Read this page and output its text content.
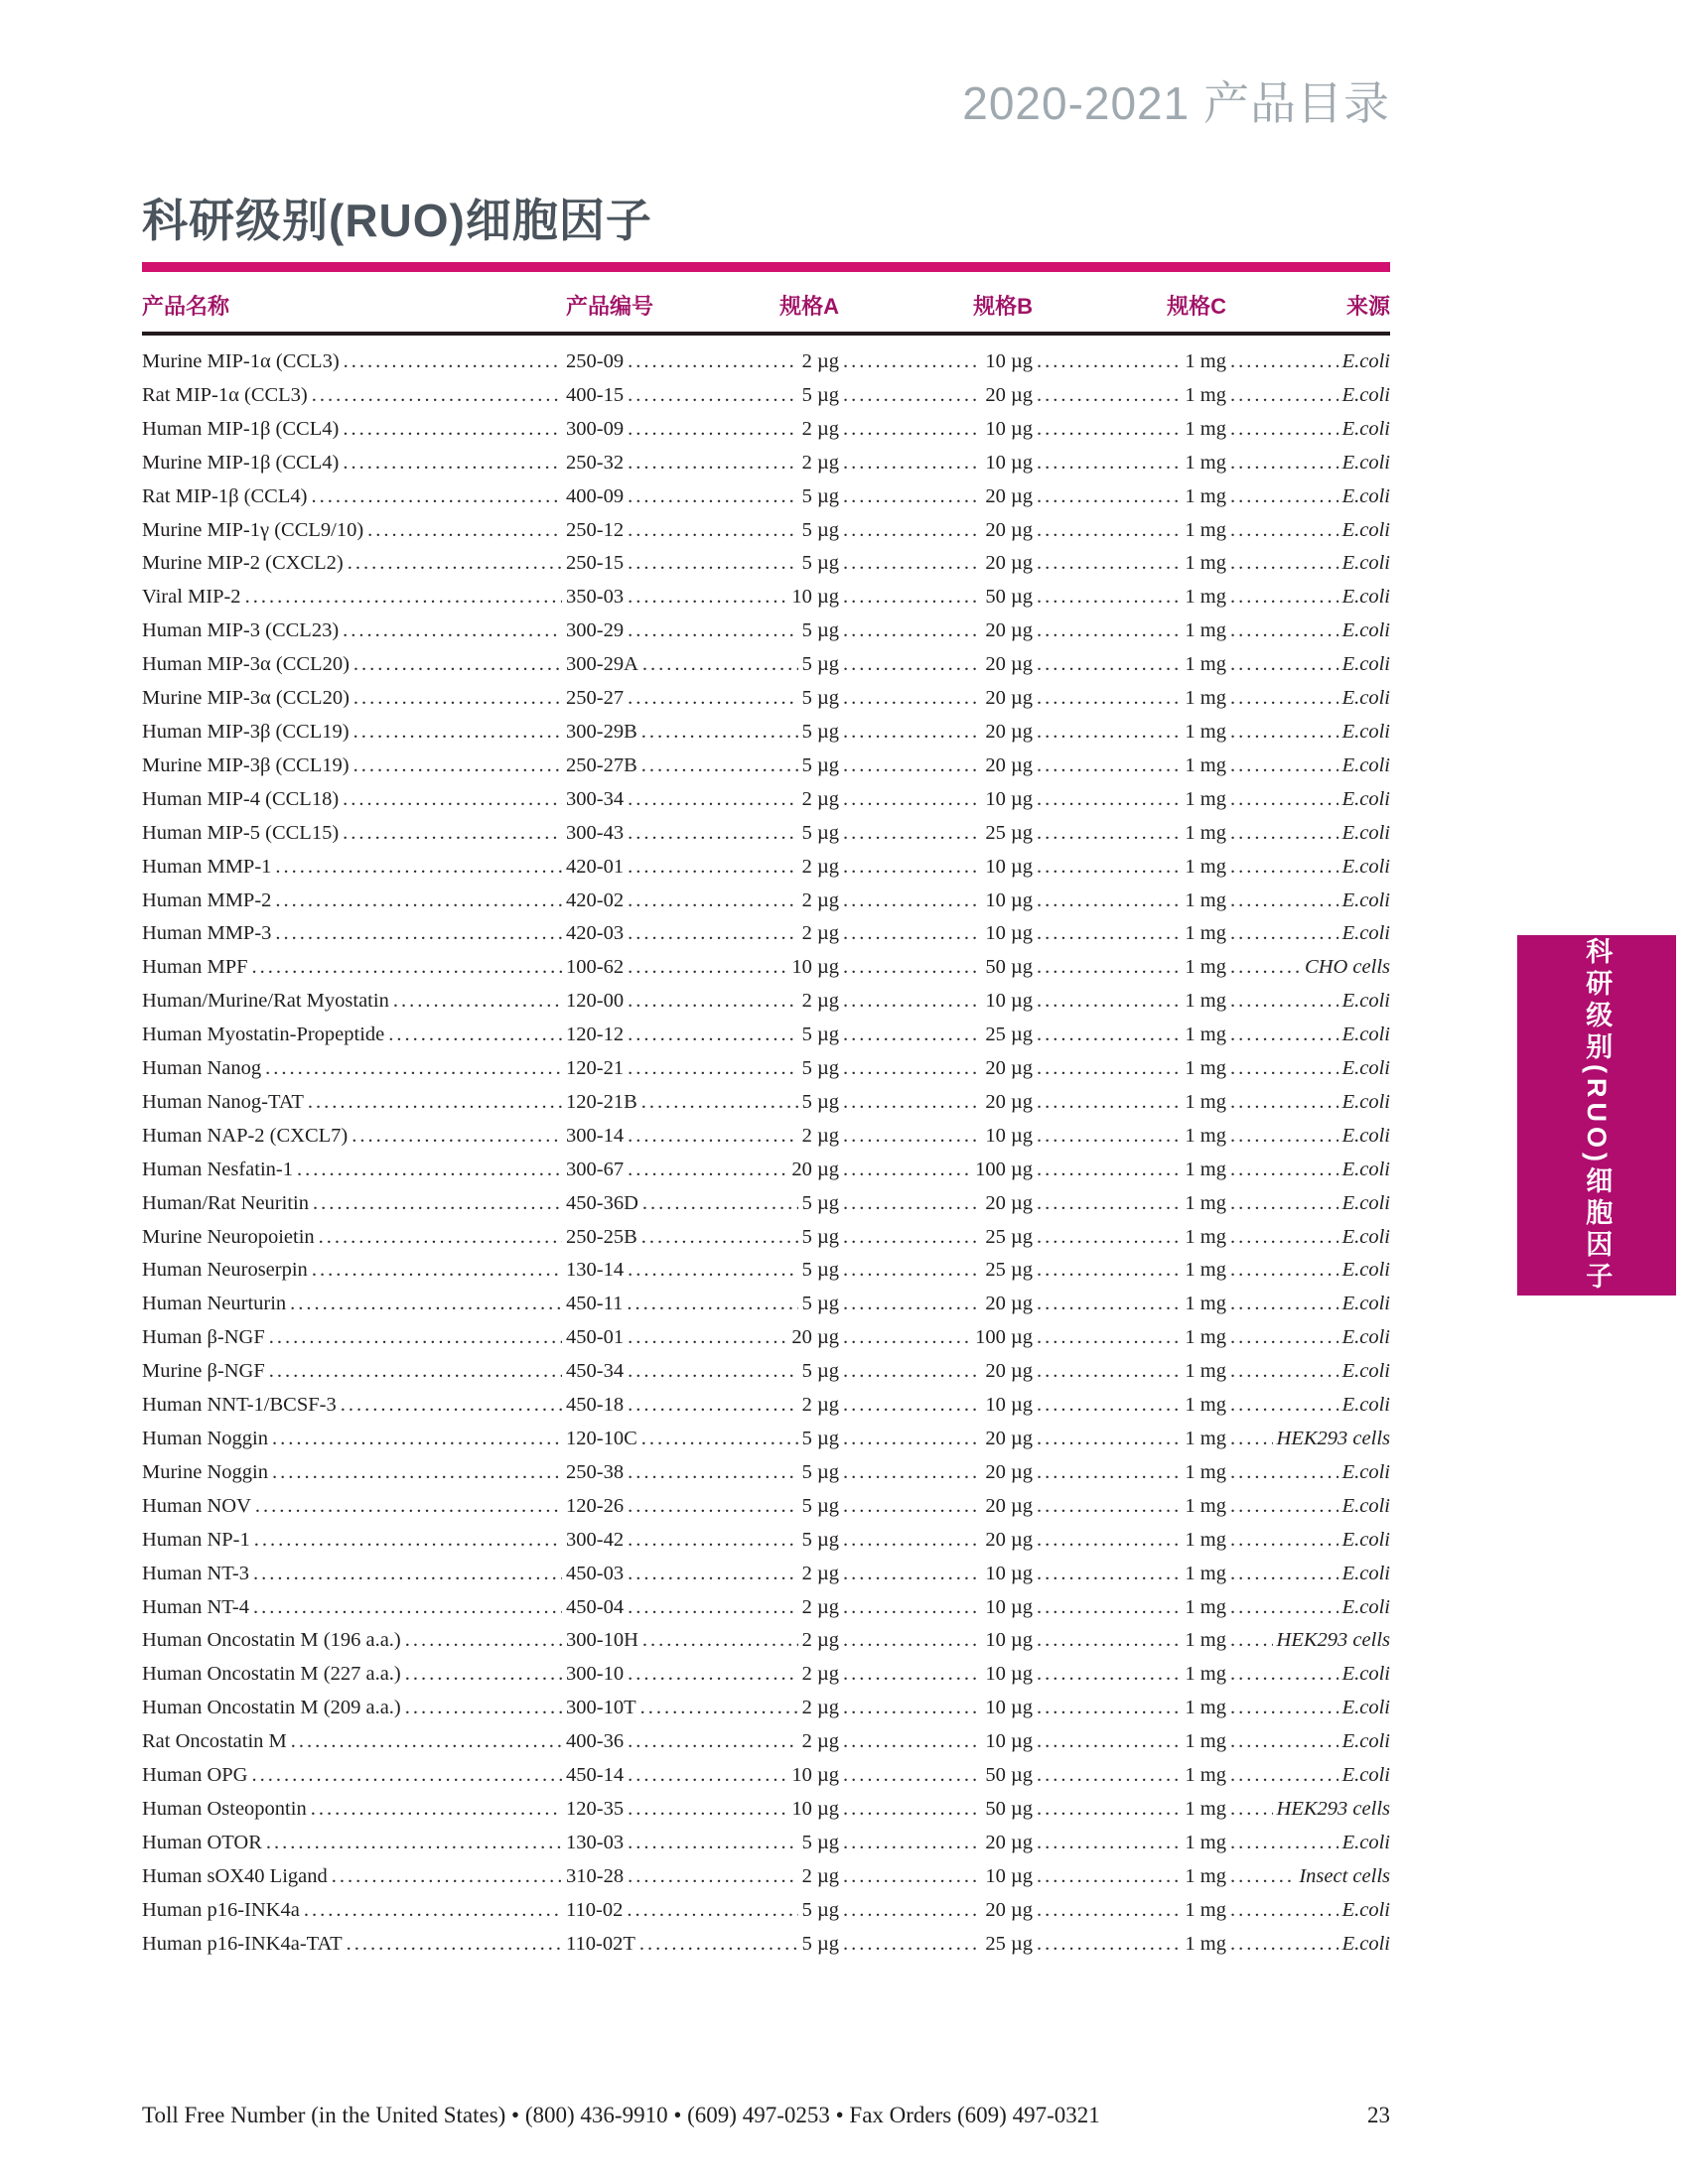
2020-2021 产品目录
科研级别(RUO)细胞因子
产品名称	产品编号	规格A	规格B	规格C	来源
Murine MIP-1α (CCL3) .....	250-09 .....	2 µg .....	10 µg .....	1 mg .....	E.coli
Rat MIP-1α (CCL3) .....	400-15 .....	5 µg .....	20 µg .....	1 mg .....	E.coli
Human MIP-1β (CCL4) .....	300-09 .....	2 µg .....	10 µg .....	1 mg .....	E.coli
Murine MIP-1β (CCL4) .....	250-32 .....	2 µg .....	10 µg .....	1 mg .....	E.coli
Rat MIP-1β (CCL4) .....	400-09 .....	5 µg .....	20 µg .....	1 mg .....	E.coli
Murine MIP-1γ (CCL9/10) .....	250-12 .....	5 µg .....	20 µg .....	1 mg .....	E.coli
Murine MIP-2 (CXCL2) .....	250-15 .....	5 µg .....	20 µg .....	1 mg .....	E.coli
Viral MIP-2 .....	350-03 .....	10 µg .....	50 µg .....	1 mg .....	E.coli
Human MIP-3 (CCL23) .....	300-29 .....	5 µg .....	20 µg .....	1 mg .....	E.coli
Human MIP-3α (CCL20) .....	300-29A .....	5 µg .....	20 µg .....	1 mg .....	E.coli
Murine MIP-3α (CCL20) .....	250-27 .....	5 µg .....	20 µg .....	1 mg .....	E.coli
Human MIP-3β (CCL19) .....	300-29B .....	5 µg .....	20 µg .....	1 mg .....	E.coli
Murine MIP-3β (CCL19) .....	250-27B .....	5 µg .....	20 µg .....	1 mg .....	E.coli
Human MIP-4 (CCL18) .....	300-34 .....	2 µg .....	10 µg .....	1 mg .....	E.coli
Human MIP-5 (CCL15) .....	300-43 .....	5 µg .....	25 µg .....	1 mg .....	E.coli
Human MMP-1 .....	420-01 .....	2 µg .....	10 µg .....	1 mg .....	E.coli
Human MMP-2 .....	420-02 .....	2 µg .....	10 µg .....	1 mg .....	E.coli
Human MMP-3 .....	420-03 .....	2 µg .....	10 µg .....	1 mg .....	E.coli
Human MPF .....	100-62 .....	10 µg .....	50 µg .....	1 mg .....	CHO cells
Human/Murine/Rat Myostatin .....	120-00 .....	2 µg .....	10 µg .....	1 mg .....	E.coli
Human Myostatin-Propeptide .....	120-12 .....	5 µg .....	25 µg .....	1 mg .....	E.coli
Human Nanog .....	120-21 .....	5 µg .....	20 µg .....	1 mg .....	E.coli
Human Nanog-TAT .....	120-21B .....	5 µg .....	20 µg .....	1 mg .....	E.coli
Human NAP-2 (CXCL7) .....	300-14 .....	2 µg .....	10 µg .....	1 mg .....	E.coli
Human Nesfatin-1 .....	300-67 .....	20 µg .....	100 µg .....	1 mg .....	E.coli
Human/Rat Neuritin .....	450-36D .....	5 µg .....	20 µg .....	1 mg .....	E.coli
Murine Neuropoietin .....	250-25B .....	5 µg .....	25 µg .....	1 mg .....	E.coli
Human Neuroserpin .....	130-14 .....	5 µg .....	25 µg .....	1 mg .....	E.coli
Human Neurturin .....	450-11 .....	5 µg .....	20 µg .....	1 mg .....	E.coli
Human β-NGF .....	450-01 .....	20 µg .....	100 µg .....	1 mg .....	E.coli
Murine β-NGF .....	450-34 .....	5 µg .....	20 µg .....	1 mg .....	E.coli
Human NNT-1/BCSF-3 .....	450-18 .....	2 µg .....	10 µg .....	1 mg .....	E.coli
Human Noggin .....	120-10C .....	5 µg .....	20 µg .....	1 mg ..... HEK293 cells
Murine Noggin .....	250-38 .....	5 µg .....	20 µg .....	1 mg .....	E.coli
Human NOV .....	120-26 .....	5 µg .....	20 µg .....	1 mg .....	E.coli
Human NP-1 .....	300-42 .....	5 µg .....	20 µg .....	1 mg .....	E.coli
Human NT-3 .....	450-03 .....	2 µg .....	10 µg .....	1 mg .....	E.coli
Human NT-4 .....	450-04 .....	2 µg .....	10 µg .....	1 mg .....	E.coli
Human Oncostatin M (196 a.a.) .....	300-10H .....	2 µg .....	10 µg .....	1 mg ..... HEK293 cells
Human Oncostatin M (227 a.a.) .....	300-10 .....	2 µg .....	10 µg .....	1 mg .....	E.coli
Human Oncostatin M (209 a.a.) .....	300-10T .....	2 µg .....	10 µg .....	1 mg .....	E.coli
Rat Oncostatin M .....	400-36 .....	2 µg .....	10 µg .....	1 mg .....	E.coli
Human OPG .....	450-14 .....	10 µg .....	50 µg .....	1 mg .....	E.coli
Human Osteopontin .....	120-35 .....	10 µg .....	50 µg .....	1 mg ..... HEK293 cells
Human OTOR .....	130-03 .....	5 µg .....	20 µg .....	1 mg .....	E.coli
Human sOX40 Ligand .....	310-28 .....	2 µg .....	10 µg .....	1 mg .....	Insect cells
Human p16-INK4a .....	110-02 .....	5 µg .....	20 µg .....	1 mg .....	E.coli
Human p16-INK4a-TAT .....	110-02T .....	5 µg .....	25 µg .....	1 mg .....	E.coli
科研级别(RUO)
细胞因子
Toll Free Number (in the United States) • (800) 436-9910 • (609) 497-0253 • Fax Orders (609) 497-0321	23
